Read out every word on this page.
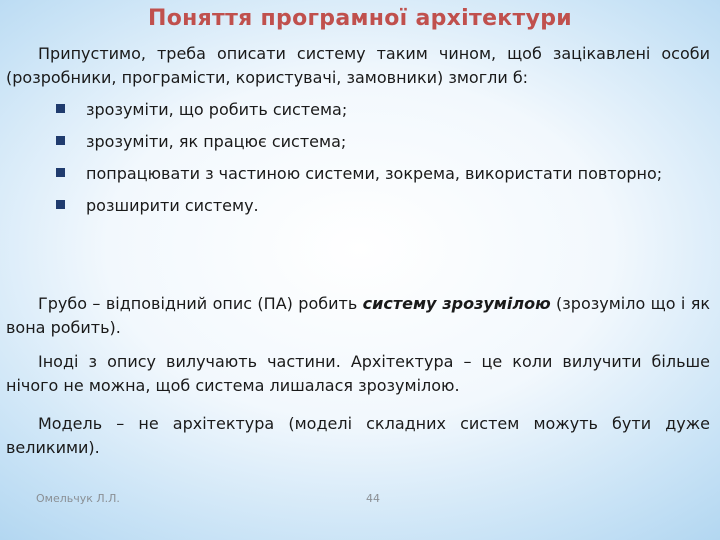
Поняття програмної архітектури
Припустимо, треба описати систему таким чином, щоб зацікавлені особи (розробники, програмісти, користувачі, замовники) змогли б:
зрозуміти, що робить система;
зрозуміти, як працює система;
попрацювати з частиною системи, зокрема, використати повторно;
розширити систему.
Грубо – відповідний опис (ПА) робить систему зрозумілою (зрозуміло що і як вона робить).
Іноді з опису вилучають частини. Архітектура – це коли вилучити більше нічого не можна, щоб система лишалася зрозумілою.
Модель – не архітектура (моделі складних систем можуть бути дуже великими).
Омельчук Л.Л.	44
